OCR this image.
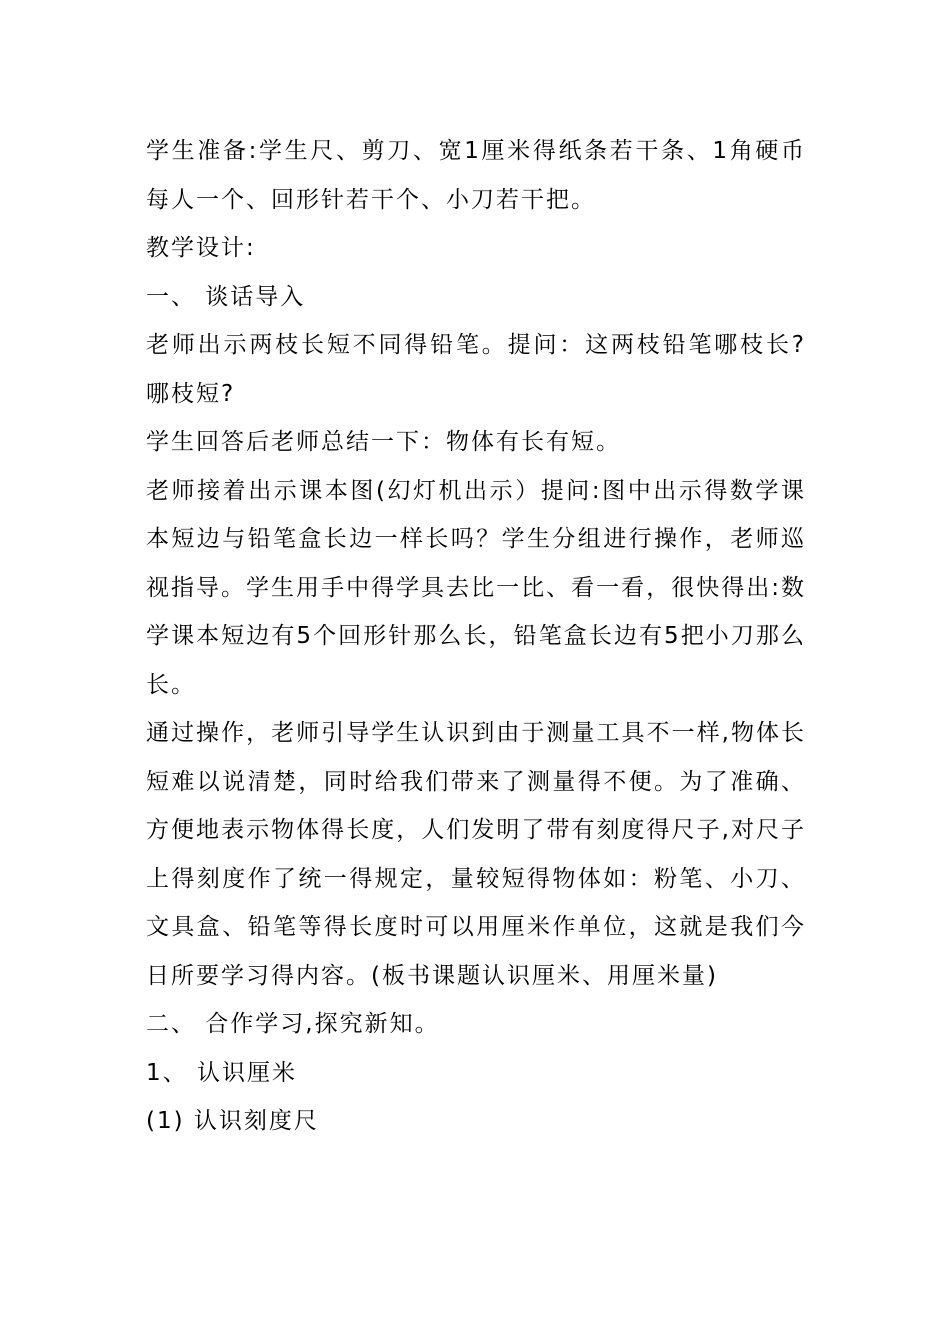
学生准备:学生尺、剪刀、宽1厘米得纸条若干条、1角硬币每人一个、回形针若干个、小刀若干把。

教学设计:

一、 谈话导入

老师出示两枝长短不同得铅笔。提问：这两枝铅笔哪枝长?哪枝短?

学生回答后老师总结一下：物体有长有短。

老师接着出示课本图(幻灯机出示）提问:图中出示得数学课本短边与铅笔盒长边一样长吗？学生分组进行操作，老师巡视指导。学生用手中得学具去比一比、看一看，很快得出:数学课本短边有5个回形针那么长，铅笔盒长边有5把小刀那么长。

通过操作，老师引导学生认识到由于测量工具不一样,物体长短难以说清楚，同时给我们带来了测量得不便。为了准确、方便地表示物体得长度，人们发明了带有刻度得尺子,对尺子上得刻度作了统一得规定，量较短得物体如：粉笔、小刀、文具盒、铅笔等得长度时可以用厘米作单位，这就是我们今日所要学习得内容。(板书课题认识厘米、用厘米量)

二、 合作学习,探究新知。

1、 认识厘米

(1) 认识刻度尺
